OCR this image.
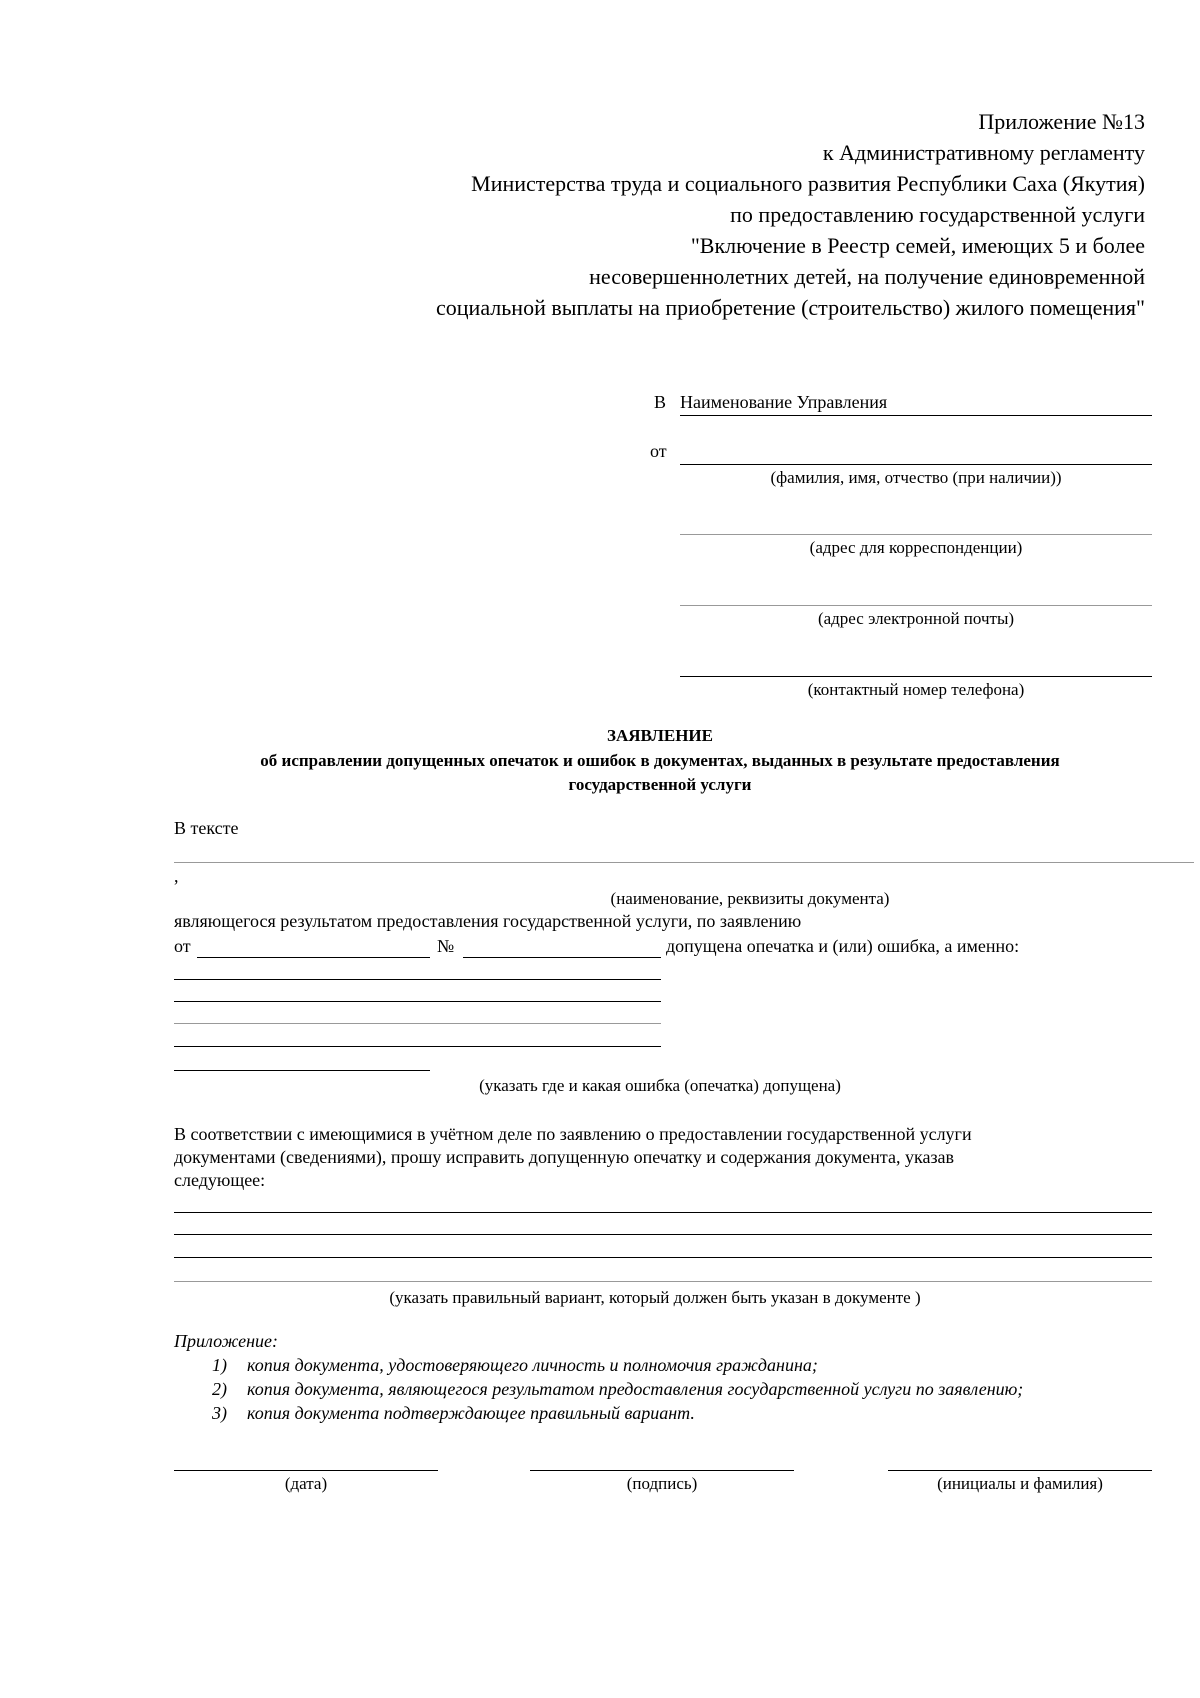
Приложение №13
к Административному регламенту
Министерства труда и социального развития Республики Саха (Якутия)
по предоставлению государственной услуги
"Включение в Реестр семей, имеющих 5 и более
несовершеннолетних детей, на получение единовременной
социальной выплаты на приобретение (строительство) жилого помещения"
В Наименование Управления
от
(фамилия, имя, отчество (при наличии))
(адрес для корреспонденции)
(адрес электронной почты)
(контактный номер телефона)
ЗАЯВЛЕНИЕ
об исправлении допущенных опечаток и ошибок в документах, выданных в результате предоставления
государственной услуги
В тексте
,
(наименование, реквизиты документа)
являющегося результатом предоставления государственной услуги, по заявлению
от	№	допущена опечатка и (или) ошибка, а именно:
(указать где и какая ошибка (опечатка) допущена)
В соответствии с имеющимися в учётном деле по заявлению о предоставлении государственной услуги
документами (сведениями), прошу исправить допущенную опечатку и содержания документа, указав
следующее:
(указать правильный вариант, который должен быть указан в документе )
Приложение:
1) копия документа, удостоверяющего личность и полномочия гражданина;
2) копия документа, являющегося результатом предоставления государственной услуги по заявлению;
3) копия документа подтверждающее правильный вариант.
(дата)	(подпись)	(инициалы и фамилия)
